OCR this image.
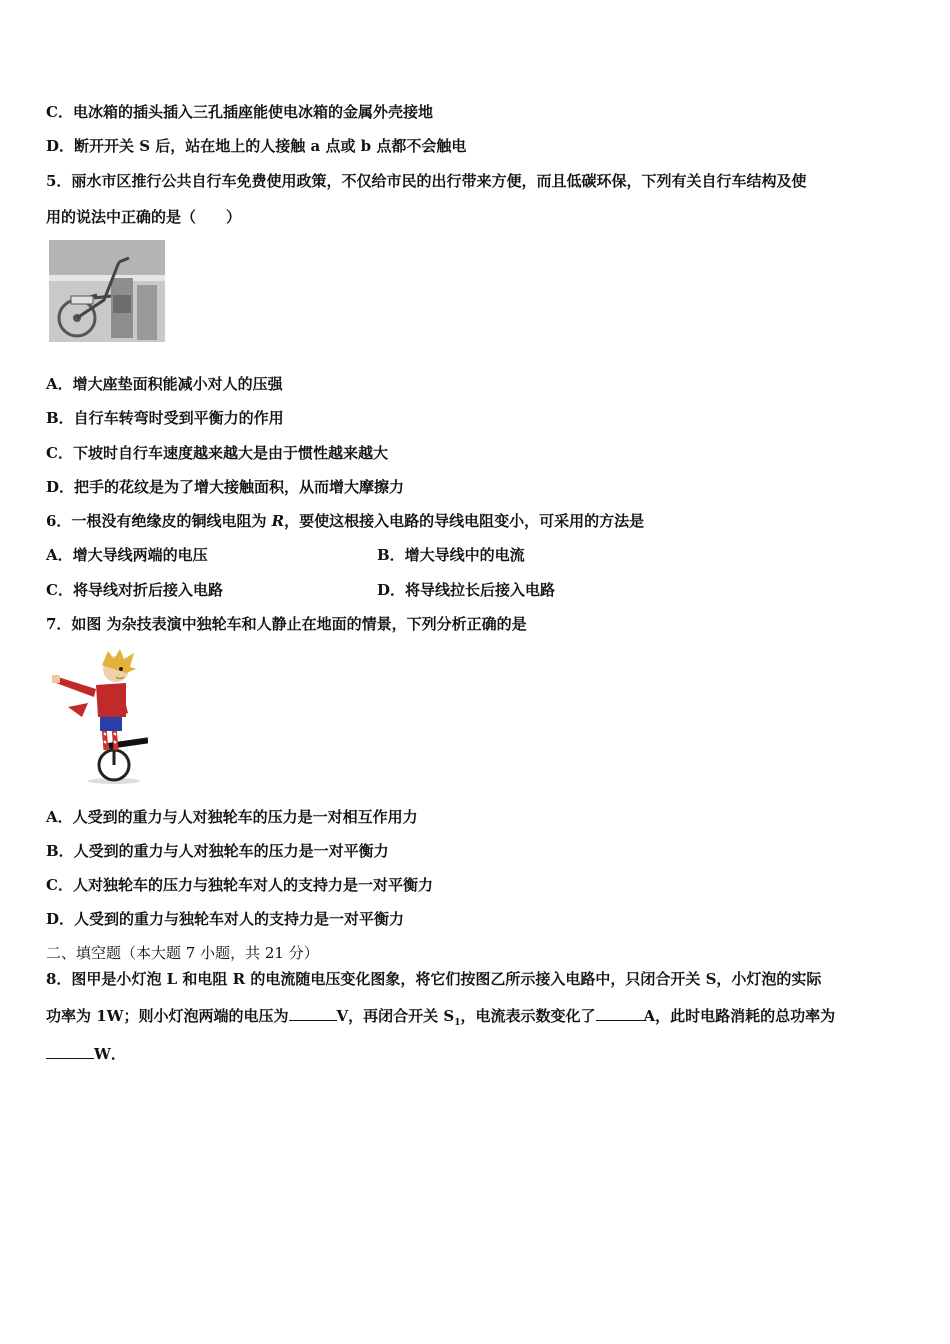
C．电冰箱的插头插入三孔插座能使电冰箱的金属外壳接地
D．断开开关 S 后，站在地上的人接触 a 点或 b 点都不会触电
5．丽水市区推行公共自行车免费使用政策，不仅给市民的出行带来方便，而且低碳环保，下列有关自行车结构及使
用的说法中正确的是（　　）
A．增大座垫面积能减小对人的压强
B．自行车转弯时受到平衡力的作用
C．下坡时自行车速度越来越大是由于惯性越来越大
D．把手的花纹是为了增大接触面积，从而增大摩擦力
6．一根没有绝缘皮的铜线电阻为 R，要使这根接入电路的导线电阻变小，可采用的方法是
A．增大导线两端的电压	B．增大导线中的电流
C．将导线对折后接入电路	D．将导线拉长后接入电路
7．如图 为杂技表演中独轮车和人静止在地面的情景，下列分析正确的是
A．人受到的重力与人对独轮车的压力是一对相互作用力
B．人受到的重力与人对独轮车的压力是一对平衡力
C．人对独轮车的压力与独轮车对人的支持力是一对平衡力
D．人受到的重力与独轮车对人的支持力是一对平衡力
二、填空题（本大题 7 小题，共 21 分）
8．图甲是小灯泡 L 和电阻 R 的电流随电压变化图象，将它们按图乙所示接入电路中，只闭合开关 S，小灯泡的实际
功率为 1W；则小灯泡两端的电压为	V，再闭合开关 $S_1$，电流表示数变化了	A，此时电路消耗的总功率为
W．
